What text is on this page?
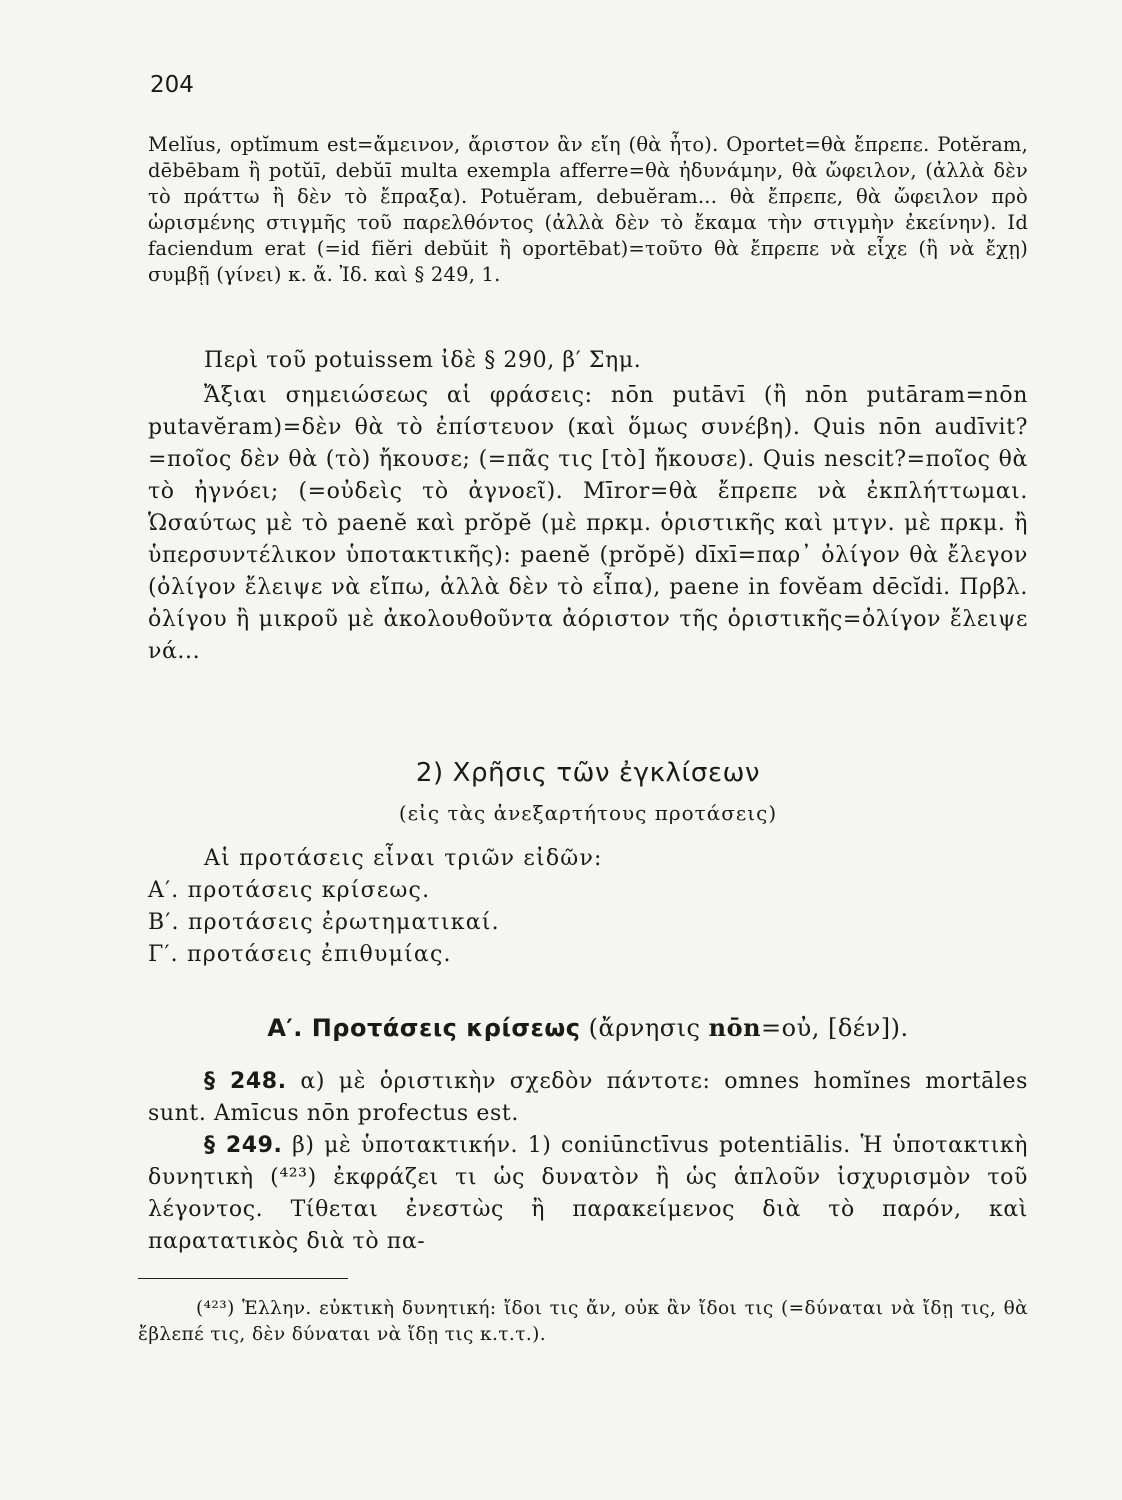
204

Melĭus, optĭmum est=ἄμεινον, ἄριστον ἂν εἴη (θὰ ἦτο). Oportet=θὰ ἔπρεπε. Potĕram, dēbēbam ἢ potŭī, debŭī multa exempla afferre=θὰ ἠδυνάμην, θὰ ὤφειλον, (ἀλλὰ δὲν τὸ πράττω ἢ δὲν τὸ ἔπραξα). Potuĕram, debuĕram... θὰ ἔπρεπε, θὰ ὤφειλον πρὸ ὡρισμένης στιγμῆς τοῦ παρελθόντος (ἀλλὰ δὲν τὸ ἔκαμα τὴν στιγμὴν ἐκείνην). Id faciendum erat (=id fiĕri debŭit ἢ oportēbat)=τοῦτο θὰ ἔπρεπε νὰ εἶχε (ἢ νὰ ἔχῃ) συμβῇ (γίνει) κ. ἄ. Ἰδ. καὶ § 249, 1.

Περὶ τοῦ potuissem ἰδὲ § 290, β′ Σημ.

Ἄξιαι σημειώσεως αἱ φράσεις: nōn putāvī (ἢ nōn putāram=nōn putavĕram)=δὲν θὰ τὸ ἐπίστευον (καὶ ὅμως συνέβη). Quis nōn audīvit?=ποῖος δὲν θὰ (τὸ) ἤκουσε; (=πᾶς τις [τὸ] ἤκουσε). Quis nescit?=ποῖος θὰ τὸ ἠγνόει; (=οὐδεὶς τὸ ἀγνοεῖ). Mīror=θὰ ἔπρεπε νὰ ἐκπλήττωμαι. Ὡσαύτως μὲ τὸ paenĕ καὶ prŏpĕ (μὲ πρκμ. ὁριστικῆς καὶ μτγν. μὲ πρκμ. ἢ ὑπερσυντέλικον ὑποτακτικῆς): paenĕ (prŏpĕ) dīxī=παρ᾽ ὀλίγον θὰ ἔλεγον (ὀλίγον ἔλειψε νὰ εἴπω, ἀλλὰ δὲν τὸ εἶπα), paene in fovĕam dēcĭdi. Πρβλ. ὀλίγου ἢ μικροῦ μὲ ἀκολουθοῦντα ἀόριστον τῆς ὁριστικῆς=ὀλίγον ἔλειψε νά...

2) Χρῆσις τῶν ἐγκλίσεων
(εἰς τὰς ἀνεξαρτήτους προτάσεις)

Αἱ προτάσεις εἶναι τριῶν εἰδῶν:

Α′. προτάσεις κρίσεως.

Β′. προτάσεις ἐρωτηματικαί.

Γ′. προτάσεις ἐπιθυμίας.

Α′. Προτάσεις κρίσεως (ἄρνησις nōn=οὐ, [δέν]).

§ 248. α) μὲ ὁριστικὴν σχεδὸν πάντοτε: omnes homĭnes mortāles sunt. Amīcus nōn profectus est.

§ 249. β) μὲ ὑποτακτικήν. 1) coniūnctīvus potentiālis. Ἡ ὑποτακτικὴ δυνητικὴ (⁴²³) ἐκφράζει τι ὡς δυνατὸν ἢ ὡς ἁπλοῦν ἰσχυρισμὸν τοῦ λέγοντος. Τίθεται ἐνεστὼς ἢ παρακείμενος διὰ τὸ παρόν, καὶ παρατατικὸς διὰ τὸ πα-

(⁴²³) Ἑλλην. εὐκτικὴ δυνητική: ἴδοι τις ἄν, οὐκ ἂν ἴδοι τις (=δύναται νὰ ἴδῃ τις, θὰ ἔβλεπέ τις, δὲν δύναται νὰ ἴδῃ τις κ.τ.τ.).
